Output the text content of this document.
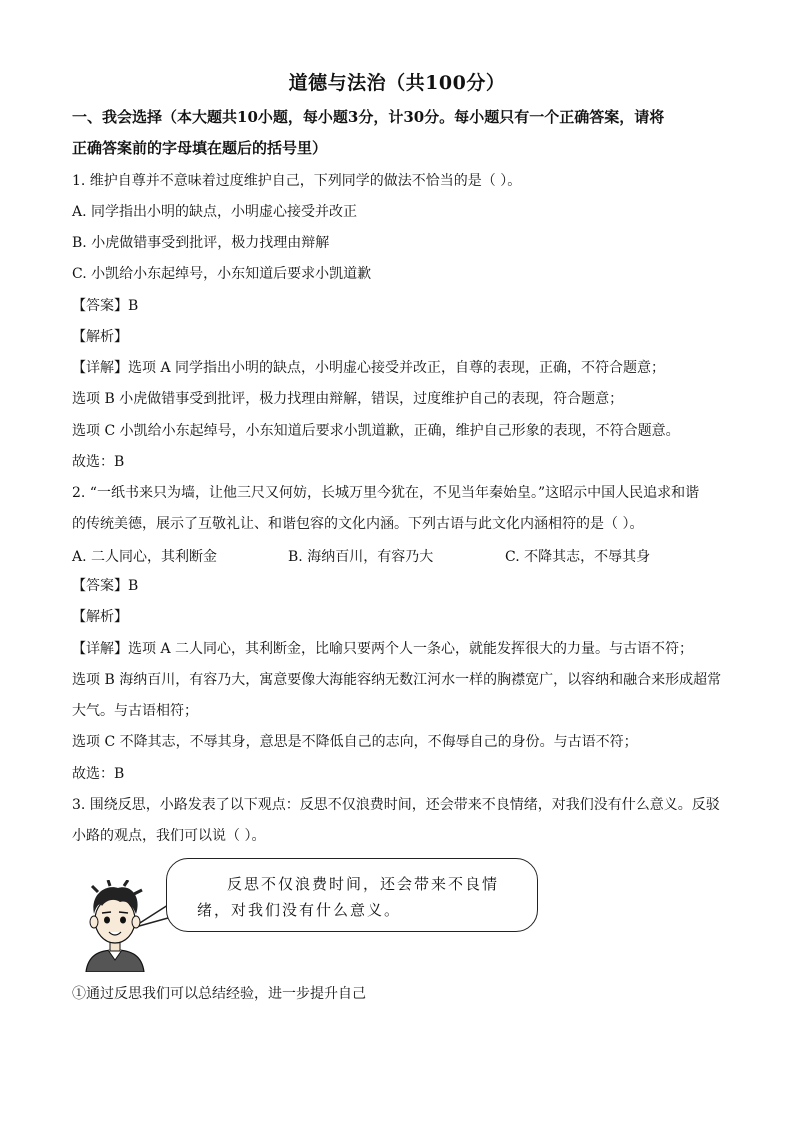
道德与法治（共100分）
一、我会选择（本大题共10小题，每小题3分，计30分。每小题只有一个正确答案，请将
正确答案前的字母填在题后的括号里）
1. 维护自尊并不意味着过度维护自己，下列同学的做法不恰当的是（ ）。
A. 同学指出小明的缺点，小明虚心接受并改正
B. 小虎做错事受到批评，极力找理由辩解
C. 小凯给小东起绰号，小东知道后要求小凯道歉
【答案】B
【解析】
【详解】选项 A 同学指出小明的缺点，小明虚心接受并改正，自尊的表现，正确，不符合题意；
选项 B 小虎做错事受到批评，极力找理由辩解，错误，过度维护自己的表现，符合题意；
选项 C 小凯给小东起绰号，小东知道后要求小凯道歉，正确，维护自己形象的表现，不符合题意。
故选：B
2. “一纸书来只为墙，让他三尺又何妨，长城万里今犹在，不见当年秦始皇。”这昭示中国人民追求和谐
的传统美德，展示了互敬礼让、和谐包容的文化内涵。下列古语与此文化内涵相符的是（ ）。
A. 二人同心，其利断金	B. 海纳百川，有容乃大	C. 不降其志，不辱其身
【答案】B
【解析】
【详解】选项 A 二人同心，其利断金，比喻只要两个人一条心，就能发挥很大的力量。与古语不符；
选项 B 海纳百川，有容乃大，寓意要像大海能容纳无数江河水一样的胸襟宽广，以容纳和融合来形成超常
大气。与古语相符；
选项 C 不降其志，不辱其身，意思是不降低自己的志向，不侮辱自己的身份。与古语不符；
故选：B
3. 围绕反思，小路发表了以下观点：反思不仅浪费时间，还会带来不良情绪，对我们没有什么意义。反驳
小路的观点，我们可以说（ ）。
①通过反思我们可以总结经验，进一步提升自己
反思不仅浪费时间，还会带来不良情绪，对我们没有什么意义。
